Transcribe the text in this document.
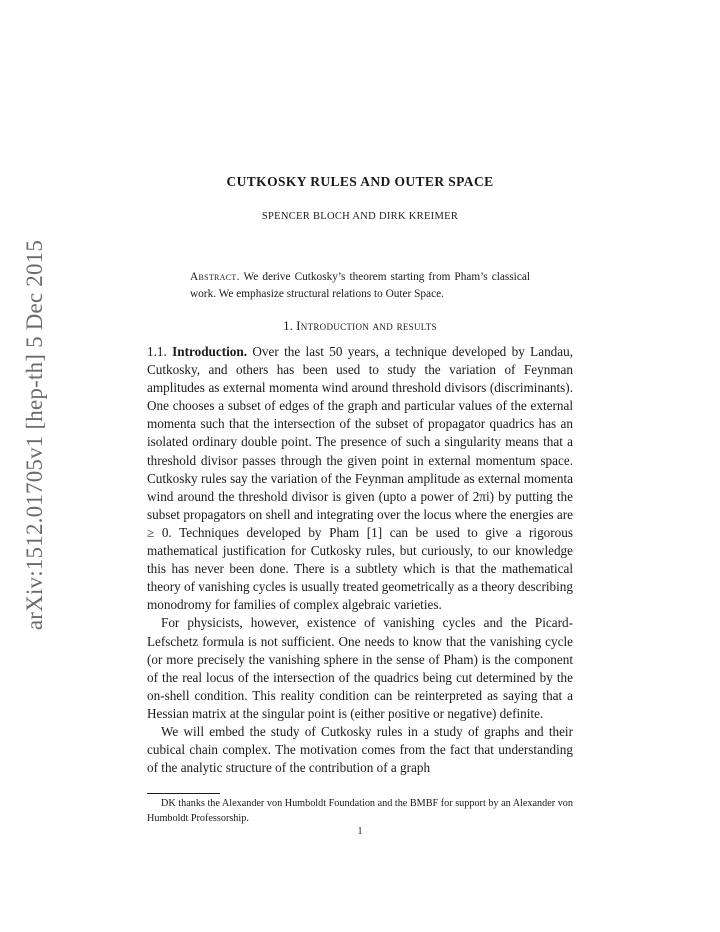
arXiv:1512.01705v1 [hep-th] 5 Dec 2015
CUTKOSKY RULES AND OUTER SPACE
SPENCER BLOCH AND DIRK KREIMER
Abstract. We derive Cutkosky’s theorem starting from Pham’s classical work. We emphasize structural relations to Outer Space.
1. Introduction and results

1.1. Introduction. Over the last 50 years, a technique developed by Landau, Cutkosky, and others has been used to study the variation of Feynman amplitudes as external momenta wind around threshold divisors (discriminants). One chooses a subset of edges of the graph and particular values of the external momenta such that the intersection of the subset of propagator quadrics has an isolated ordinary double point. The presence of such a singularity means that a threshold divisor passes through the given point in external momentum space. Cutkosky rules say the variation of the Feynman amplitude as external momenta wind around the threshold divisor is given (upto a power of 2πi) by putting the subset propagators on shell and integrating over the locus where the energies are ≥ 0. Techniques developed by Pham [1] can be used to give a rigorous mathematical justification for Cutkosky rules, but curiously, to our knowledge this has never been done. There is a subtlety which is that the mathematical theory of vanishing cycles is usually treated geometrically as a theory describing monodromy for families of complex algebraic varieties.

For physicists, however, existence of vanishing cycles and the Picard-Lefschetz formula is not sufficient. One needs to know that the vanishing cycle (or more precisely the vanishing sphere in the sense of Pham) is the component of the real locus of the intersection of the quadrics being cut determined by the on-shell condition. This reality condition can be reinterpreted as saying that a Hessian matrix at the singular point is (either positive or negative) definite.

We will embed the study of Cutkosky rules in a study of graphs and their cubical chain complex. The motivation comes from the fact that understanding of the analytic structure of the contribution of a graph

DK thanks the Alexander von Humboldt Foundation and the BMBF for support by an Alexander von Humboldt Professorship.
1
